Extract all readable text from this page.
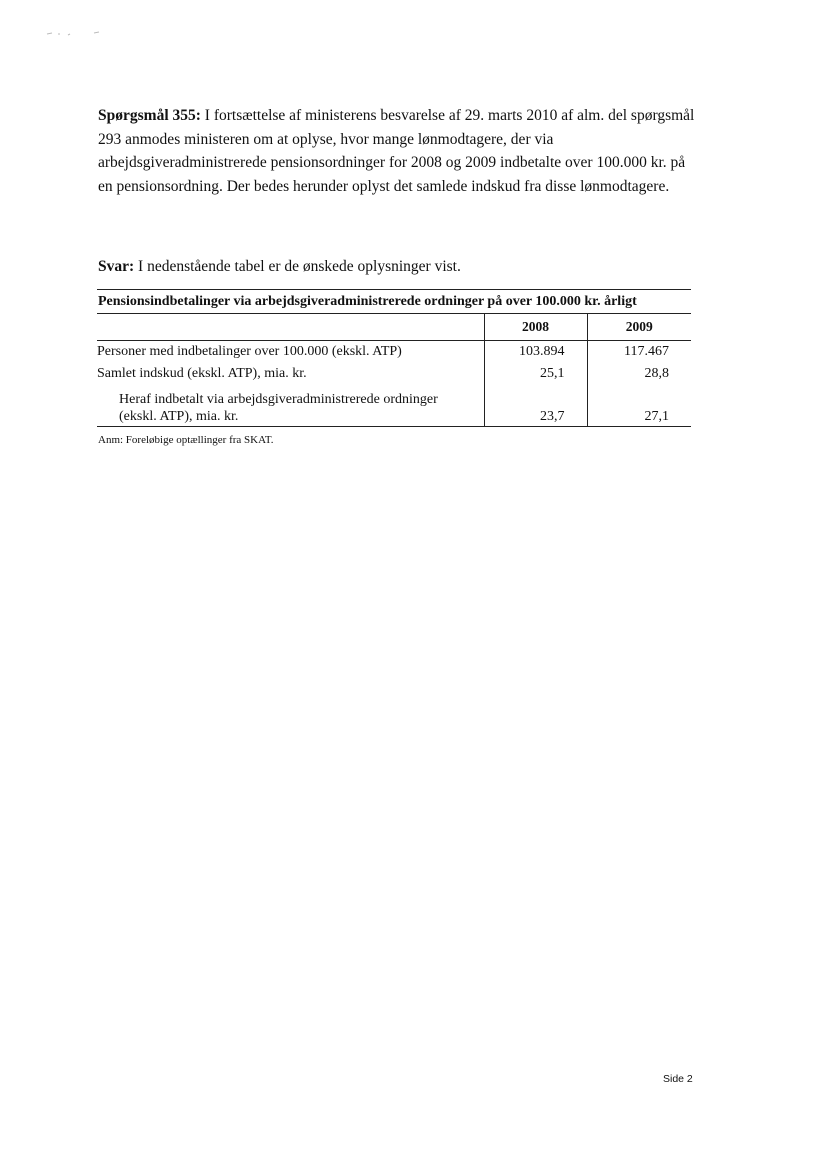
Spørgsmål 355: I fortsættelse af ministerens besvarelse af 29. marts 2010 af alm. del spørgsmål 293 anmodes ministeren om at oplyse, hvor mange lønmodtagere, der via arbejdsgiveradministrerede pensionsordninger for 2008 og 2009 indbetalte over 100.000 kr. på en pensionsordning. Der bedes herunder oplyst det samlede indskud fra disse lønmodtagere.

Svar: I nedenstående tabel er de ønskede oplysninger vist.

Pensionsindbetalinger via arbejdsgiveradministrerede ordninger på over 100.000 kr. årligt		
	2008	2009
Personer med indbetalinger over 100.000 (ekskl. ATP)	103.894	117.467
Samlet indskud (ekskl. ATP), mia. kr.	25,1	28,8
Heraf indbetalt via arbejdsgiveradministrerede ordninger
(ekskl. ATP), mia. kr.	23,7	27,1
Anm: Foreløbige optællinger fra SKAT.
Side 2
